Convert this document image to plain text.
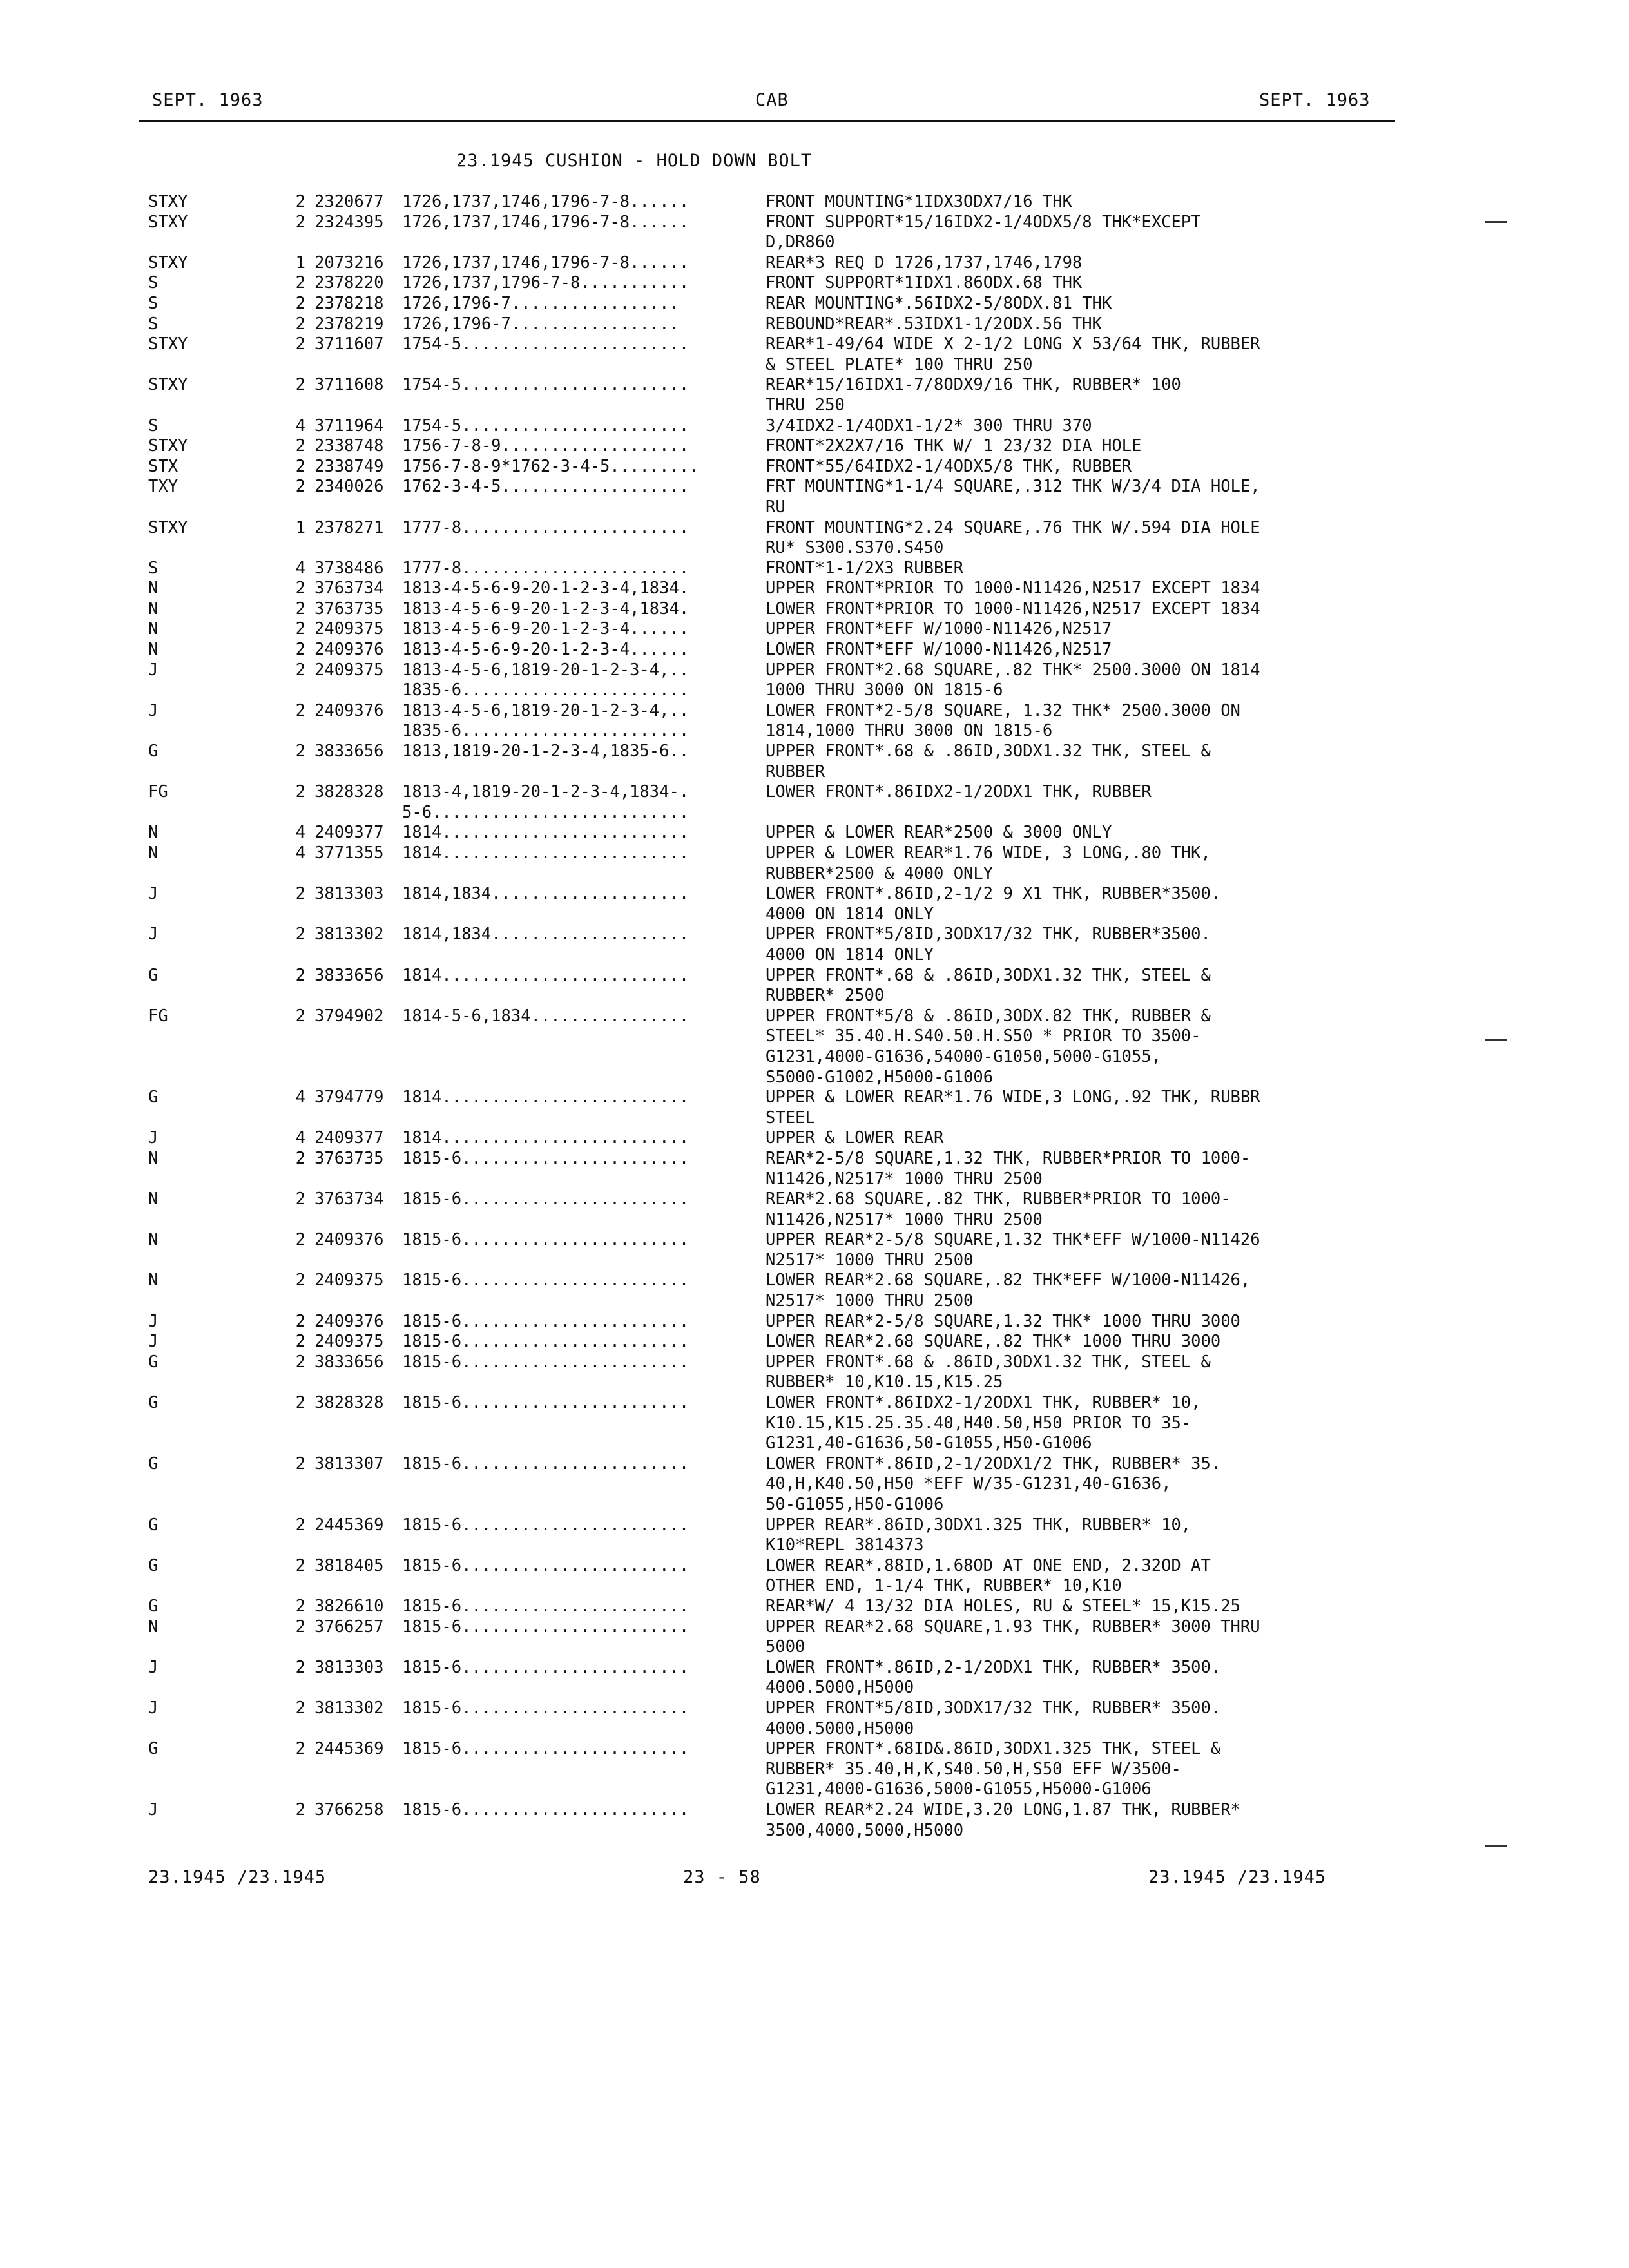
SEPT. 1963	CAB	SEPT. 1963
23.1945 CUSHION - HOLD DOWN BOLT
STXY	2 2320677	1726,1737,1746,1796-7-8......	FRONT MOUNTING*1IDX3ODX7/16 THK
STXY	2 2324395	1726,1737,1746,1796-7-8......	FRONT SUPPORT*15/16IDX2-1/4ODX5/8 THK*EXCEPT
D,DR860
STXY	1 2073216	1726,1737,1746,1796-7-8......	REAR*3 REQ D 1726,1737,1746,1798
S	2 2378220	1726,1737,1796-7-8...........	FRONT SUPPORT*1IDX1.86ODX.68 THK
S	2 2378218	1726,1796-7.................	REAR MOUNTING*.56IDX2-5/8ODX.81 THK
S	2 2378219	1726,1796-7.................	REBOUND*REAR*.53IDX1-1/2ODX.56 THK
STXY	2 3711607	1754-5.......................	REAR*1-49/64 WIDE X 2-1/2 LONG X 53/64 THK, RUBBER
& STEEL PLATE* 100 THRU 250
STXY	2 3711608	1754-5.......................	REAR*15/16IDX1-7/8ODX9/16 THK, RUBBER* 100
THRU 250
S	4 3711964	1754-5.......................	3/4IDX2-1/4ODX1-1/2* 300 THRU 370
STXY	2 2338748	1756-7-8-9...................	FRONT*2X2X7/16 THK W/ 1 23/32 DIA HOLE
STX	2 2338749	1756-7-8-9*1762-3-4-5.........	FRONT*55/64IDX2-1/4ODX5/8 THK, RUBBER
TXY	2 2340026	1762-3-4-5...................	FRT MOUNTING*1-1/4 SQUARE,.312 THK W/3/4 DIA HOLE,
RU
STXY	1 2378271	1777-8.......................	FRONT MOUNTING*2.24 SQUARE,.76 THK W/.594 DIA HOLE
RU* S300.S370.S450
S	4 3738486	1777-8.......................	FRONT*1-1/2X3 RUBBER
N	2 3763734	1813-4-5-6-9-20-1-2-3-4,1834.	UPPER FRONT*PRIOR TO 1000-N11426,N2517 EXCEPT 1834
N	2 3763735	1813-4-5-6-9-20-1-2-3-4,1834.	LOWER FRONT*PRIOR TO 1000-N11426,N2517 EXCEPT 1834
N	2 2409375	1813-4-5-6-9-20-1-2-3-4......	UPPER FRONT*EFF W/1000-N11426,N2517
N	2 2409376	1813-4-5-6-9-20-1-2-3-4......	LOWER FRONT*EFF W/1000-N11426,N2517
J	2 2409375	1813-4-5-6,1819-20-1-2-3-4,..	UPPER FRONT*2.68 SQUARE,.82 THK* 2500.3000 ON 1814
1835-6.......................	1000 THRU 3000 ON 1815-6
J	2 2409376	1813-4-5-6,1819-20-1-2-3-4,..	LOWER FRONT*2-5/8 SQUARE, 1.32 THK* 2500.3000 ON
1835-6.......................	1814,1000 THRU 3000 ON 1815-6
G	2 3833656	1813,1819-20-1-2-3-4,1835-6..	UPPER FRONT*.68 & .86ID,3ODX1.32 THK, STEEL &
RUBBER
FG	2 3828328	1813-4,1819-20-1-2-3-4,1834-.	LOWER FRONT*.86IDX2-1/2ODX1 THK, RUBBER
5-6..........................
N	4 2409377	1814.........................	UPPER & LOWER REAR*2500 & 3000 ONLY
N	4 3771355	1814.........................	UPPER & LOWER REAR*1.76 WIDE, 3 LONG,.80 THK,
RUBBER*2500 & 4000 ONLY
J	2 3813303	1814,1834....................	LOWER FRONT*.86ID,2-1/2 9 X1 THK, RUBBER*3500.
4000 ON 1814 ONLY
J	2 3813302	1814,1834....................	UPPER FRONT*5/8ID,3ODX17/32 THK, RUBBER*3500.
4000 ON 1814 ONLY
G	2 3833656	1814.........................	UPPER FRONT*.68 & .86ID,3ODX1.32 THK, STEEL &
RUBBER* 2500
FG	2 3794902	1814-5-6,1834................	UPPER FRONT*5/8 & .86ID,3ODX.82 THK, RUBBER &
STEEL* 35.40.H.S40.50.H.S50 * PRIOR TO 3500-
G1231,4000-G1636,54000-G1050,5000-G1055,
S5000-G1002,H5000-G1006
G	4 3794779	1814.........................	UPPER & LOWER REAR*1.76 WIDE,3 LONG,.92 THK, RUBBR
STEEL
J	4 2409377	1814.........................	UPPER & LOWER REAR
N	2 3763735	1815-6.......................	REAR*2-5/8 SQUARE,1.32 THK, RUBBER*PRIOR TO 1000-
N11426,N2517* 1000 THRU 2500
N	2 3763734	1815-6.......................	REAR*2.68 SQUARE,.82 THK, RUBBER*PRIOR TO 1000-
N11426,N2517* 1000 THRU 2500
N	2 2409376	1815-6.......................	UPPER REAR*2-5/8 SQUARE,1.32 THK*EFF W/1000-N11426
N2517* 1000 THRU 2500
N	2 2409375	1815-6.......................	LOWER REAR*2.68 SQUARE,.82 THK*EFF W/1000-N11426,
N2517* 1000 THRU 2500
J	2 2409376	1815-6.......................	UPPER REAR*2-5/8 SQUARE,1.32 THK* 1000 THRU 3000
J	2 2409375	1815-6.......................	LOWER REAR*2.68 SQUARE,.82 THK* 1000 THRU 3000
G	2 3833656	1815-6.......................	UPPER FRONT*.68 & .86ID,3ODX1.32 THK, STEEL &
RUBBER* 10,K10.15,K15.25
G	2 3828328	1815-6.......................	LOWER FRONT*.86IDX2-1/2ODX1 THK, RUBBER* 10,
K10.15,K15.25.35.40,H40.50,H50 PRIOR TO 35-
G1231,40-G1636,50-G1055,H50-G1006
G	2 3813307	1815-6.......................	LOWER FRONT*.86ID,2-1/2ODX1/2 THK, RUBBER* 35.
40,H,K40.50,H50 *EFF W/35-G1231,40-G1636,
50-G1055,H50-G1006
G	2 2445369	1815-6.......................	UPPER REAR*.86ID,3ODX1.325 THK, RUBBER* 10,
K10*REPL 3814373
G	2 3818405	1815-6.......................	LOWER REAR*.88ID,1.68OD AT ONE END, 2.32OD AT
OTHER END, 1-1/4 THK, RUBBER* 10,K10
G	2 3826610	1815-6.......................	REAR*W/ 4 13/32 DIA HOLES, RU & STEEL* 15,K15.25
N	2 3766257	1815-6.......................	UPPER REAR*2.68 SQUARE,1.93 THK, RUBBER* 3000 THRU
5000
J	2 3813303	1815-6.......................	LOWER FRONT*.86ID,2-1/2ODX1 THK, RUBBER* 3500.
4000.5000,H5000
J	2 3813302	1815-6.......................	UPPER FRONT*5/8ID,3ODX17/32 THK, RUBBER* 3500.
4000.5000,H5000
G	2 2445369	1815-6.......................	UPPER FRONT*.68ID&.86ID,3ODX1.325 THK, STEEL &
RUBBER* 35.40,H,K,S40.50,H,S50 EFF W/3500-
G1231,4000-G1636,5000-G1055,H5000-G1006
J	2 3766258	1815-6.......................	LOWER REAR*2.24 WIDE,3.20 LONG,1.87 THK, RUBBER*
3500,4000,5000,H5000
23.1945 /23.1945	23 - 58	23.1945 /23.1945
